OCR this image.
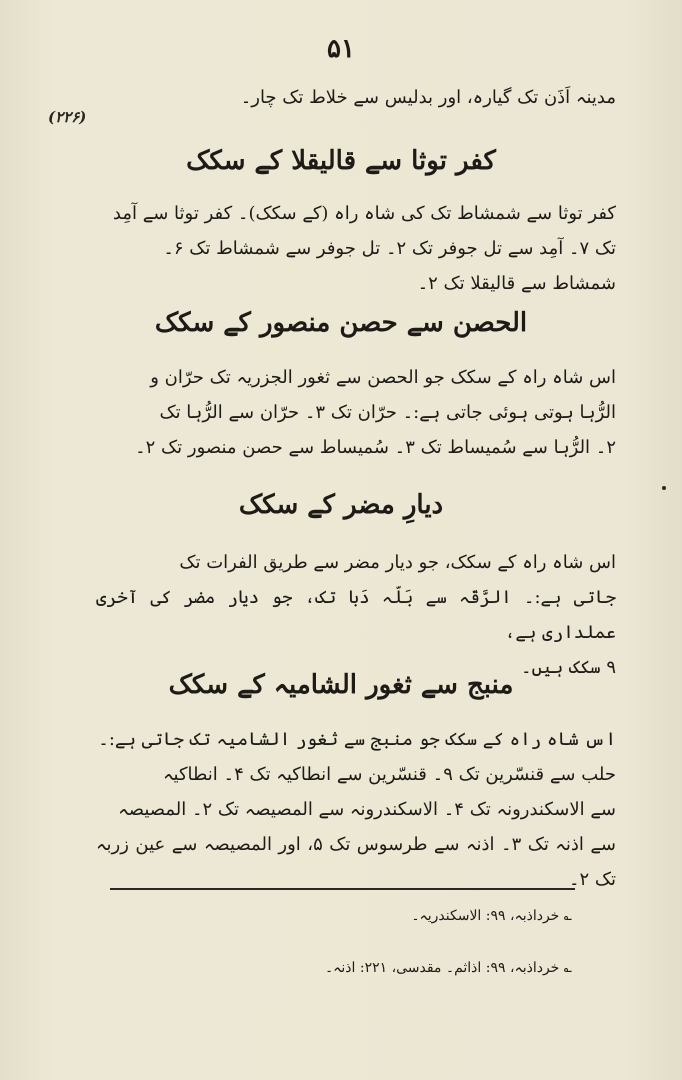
۵۱
(۲۲۶)

مدینہ اَذَن تک گیارہ، اور بدلیس سے خلاط تک چار۔

کفر توثا سے قالیقلا کے سکک

کفر توثا سے شمشاط تک کی شاہ راہ (کے سکک)۔ کفر توثا سے آمِد

تک ۷۔ آمِد سے تل جوفر تک ۲۔ تل جوفر سے شمشاط تک ۶۔

شمشاط سے قالیقلا تک ۲۔

الحصن سے حصن منصور کے سکک

اس شاہ راہ کے سکک جو الحصن سے ثغور الجزریہ تک حرّان و

الرُّہا ہوتی ہوئی جاتی ہے:۔ حرّان تک ۳۔ حرّان سے الرُّہا تک

۲۔ الرُّہا سے سُمیساط تک ۳۔ سُمیساط سے حصن منصور تک ۲۔

دیارِ مضر کے سکک

اس شاہ راہ کے سکک، جو دیار مضر سے طریق الفرات تک

جاتی ہے:۔ الرَّقّہ سے بَلّہ دَبا تک، جو دیار مضر کی آخری عملداری ہے،

۹ سکک ہیں۔

منبج سے ثغور الشامیہ کے سکک

اس شاہ راہ کے سکک جو منبج سے ثغور الشامیہ تک جاتی ہے:۔

حلب سے قنسّرین تک ۹۔ قنسّرین سے انطاکیہ تک ۴۔ انطاکیہ

سے الاسکندرونہ تک ۴۔ الاسکندرونہ سے المصیصہ تک ۲۔ المصیصہ

سے اذنہ تک ۳۔ اذنہ سے طرسوس تک ۵، اور المصیصہ سے عین زربہ تک ۲۔

؎ خرداذبہ، ۹۹: الاسکندریہ۔
؎ خرداذبہ، ۹۹: اذاثم۔ مقدسی، ۲۲۱: اذنہ۔
